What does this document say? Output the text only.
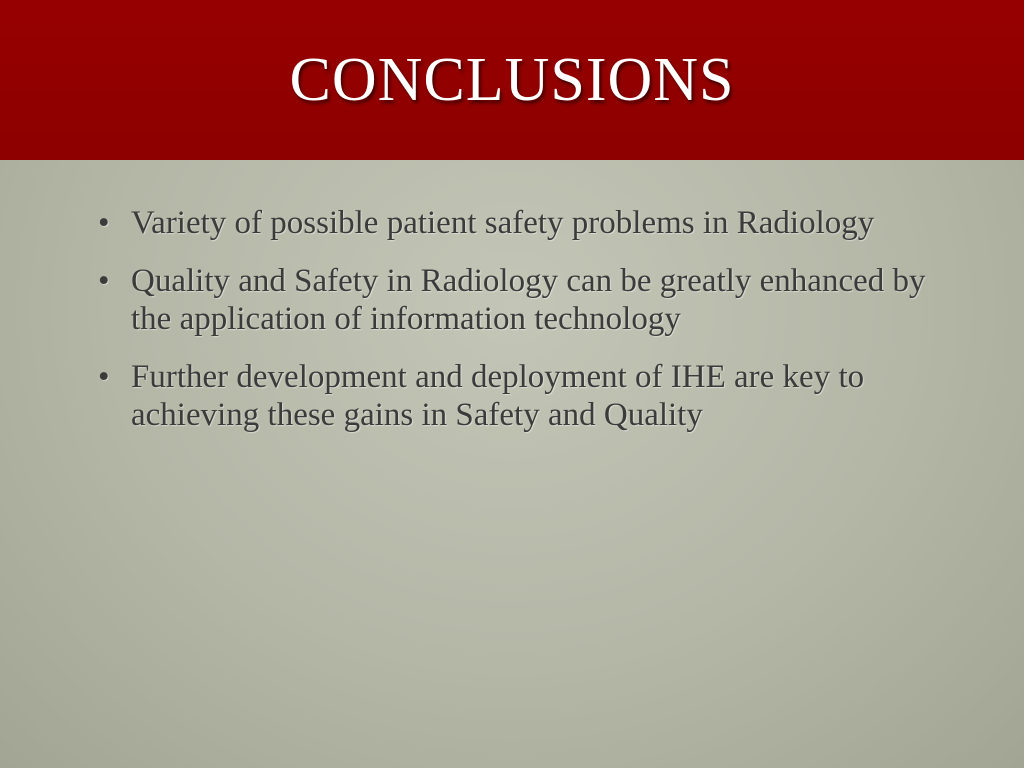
CONCLUSIONS
• Variety of possible patient safety problems in Radiology
• Quality and Safety in Radiology can be greatly enhanced by the application of information technology
• Further development and deployment of IHE are key to achieving these gains in Safety and Quality
